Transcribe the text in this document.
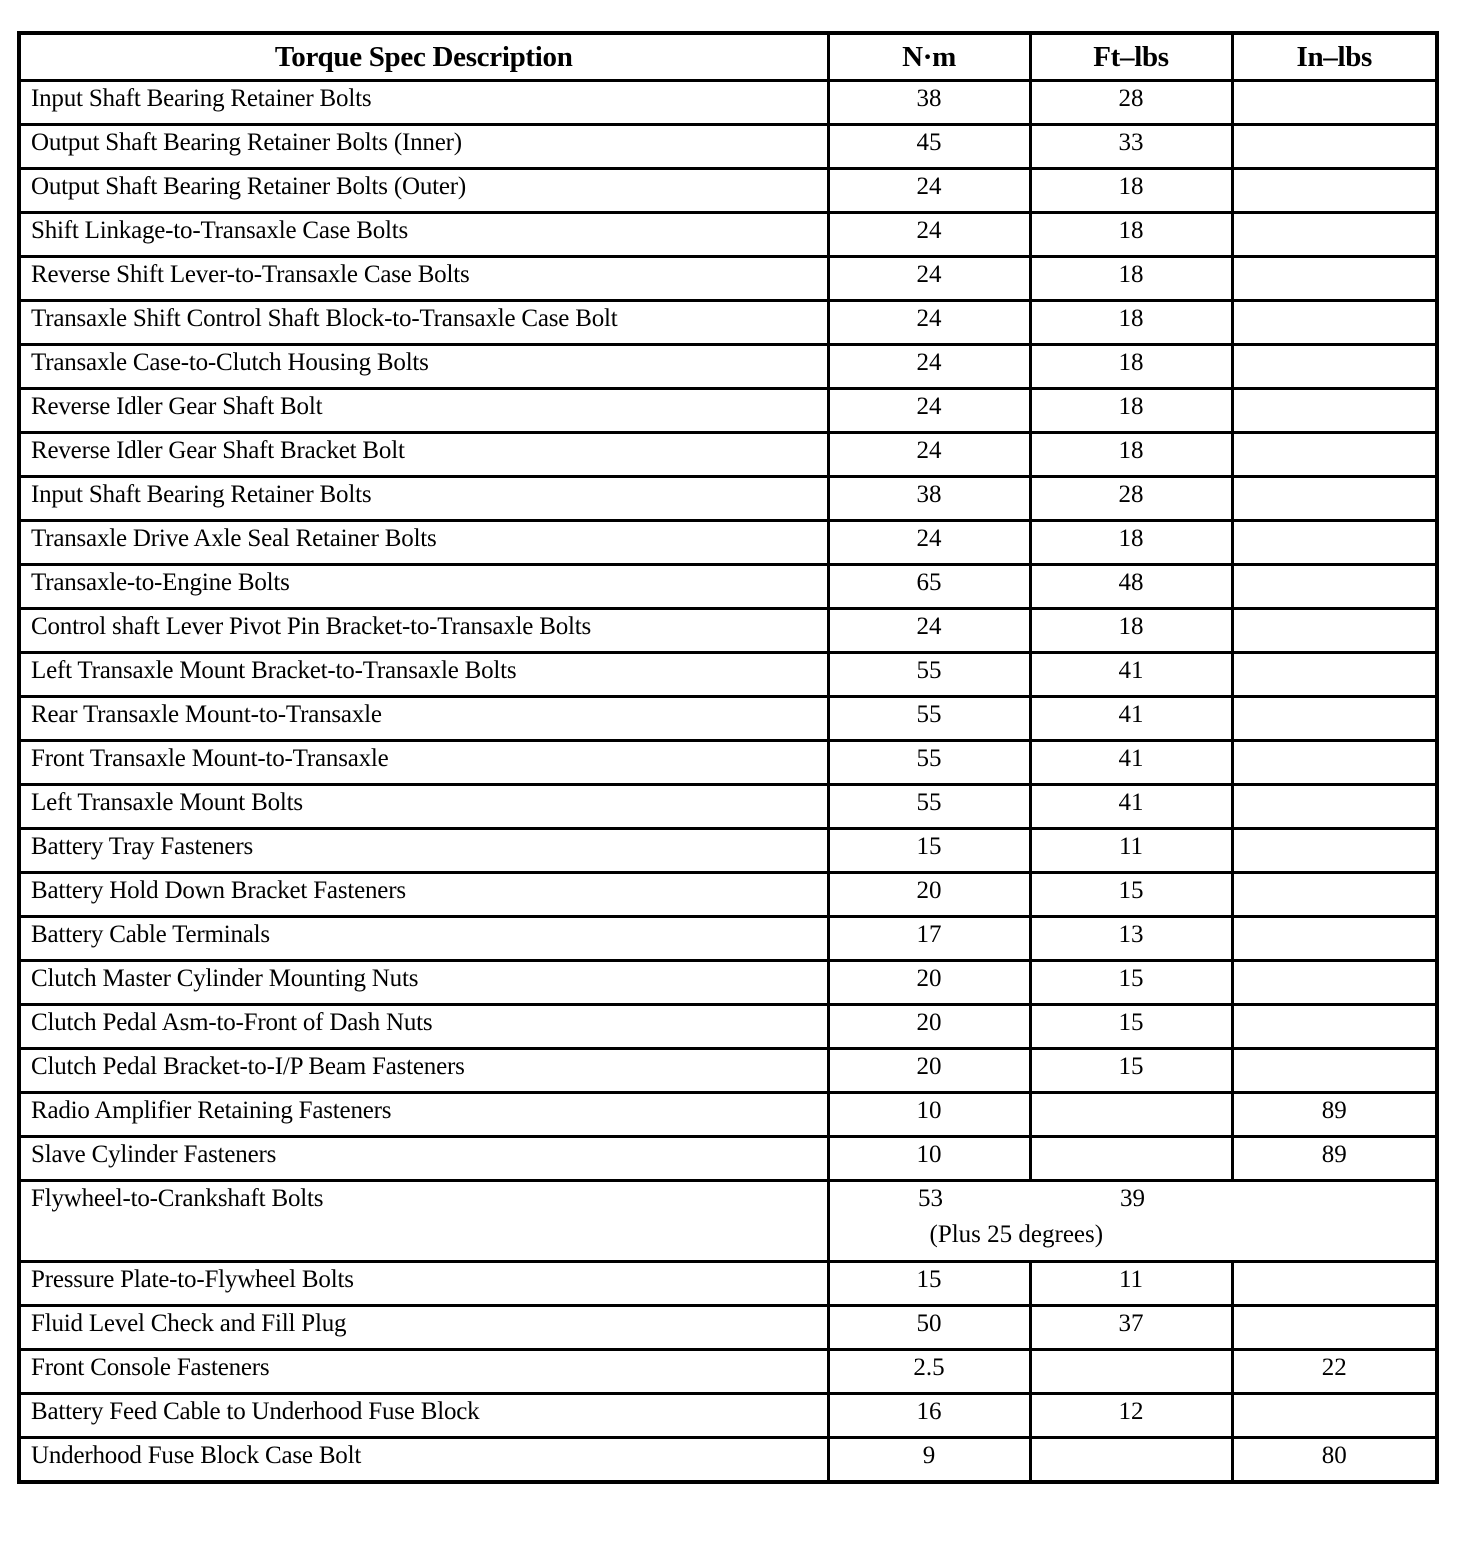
Torque Spec Description	N·m	Ft–lbs	In–lbs
Input Shaft Bearing Retainer Bolts	38	28	
Output Shaft Bearing Retainer Bolts (Inner)	45	33	
Output Shaft Bearing Retainer Bolts (Outer)	24	18	
Shift Linkage-to-Transaxle Case Bolts	24	18	
Reverse Shift Lever-to-Transaxle Case Bolts	24	18	
Transaxle Shift Control Shaft Block-to-Transaxle Case Bolt	24	18	
Transaxle Case-to-Clutch Housing Bolts	24	18	
Reverse Idler Gear Shaft Bolt	24	18	
Reverse Idler Gear Shaft Bracket Bolt	24	18	
Input Shaft Bearing Retainer Bolts	38	28	
Transaxle Drive Axle Seal Retainer Bolts	24	18	
Transaxle-to-Engine Bolts	65	48	
Control shaft Lever Pivot Pin Bracket-to-Transaxle Bolts	24	18	
Left Transaxle Mount Bracket-to-Transaxle Bolts	55	41	
Rear Transaxle Mount-to-Transaxle	55	41	
Front Transaxle Mount-to-Transaxle	55	41	
Left Transaxle Mount Bolts	55	41	
Battery Tray Fasteners	15	11	
Battery Hold Down Bracket Fasteners	20	15	
Battery Cable Terminals	17	13	
Clutch Master Cylinder Mounting Nuts	20	15	
Clutch Pedal Asm-to-Front of Dash Nuts	20	15	
Clutch Pedal Bracket-to-I/P Beam Fasteners	20	15	
Radio Amplifier Retaining Fasteners	10		89
Slave Cylinder Fasteners	10		89
Flywheel-to-Crankshaft Bolts	53 39
(Plus 25 degrees)		

Pressure Plate-to-Flywheel Bolts	15	11	
Fluid Level Check and Fill Plug	50	37	
Front Console Fasteners	2.5		22
Battery Feed Cable to Underhood Fuse Block	16	12	
Underhood Fuse Block Case Bolt	9		80
